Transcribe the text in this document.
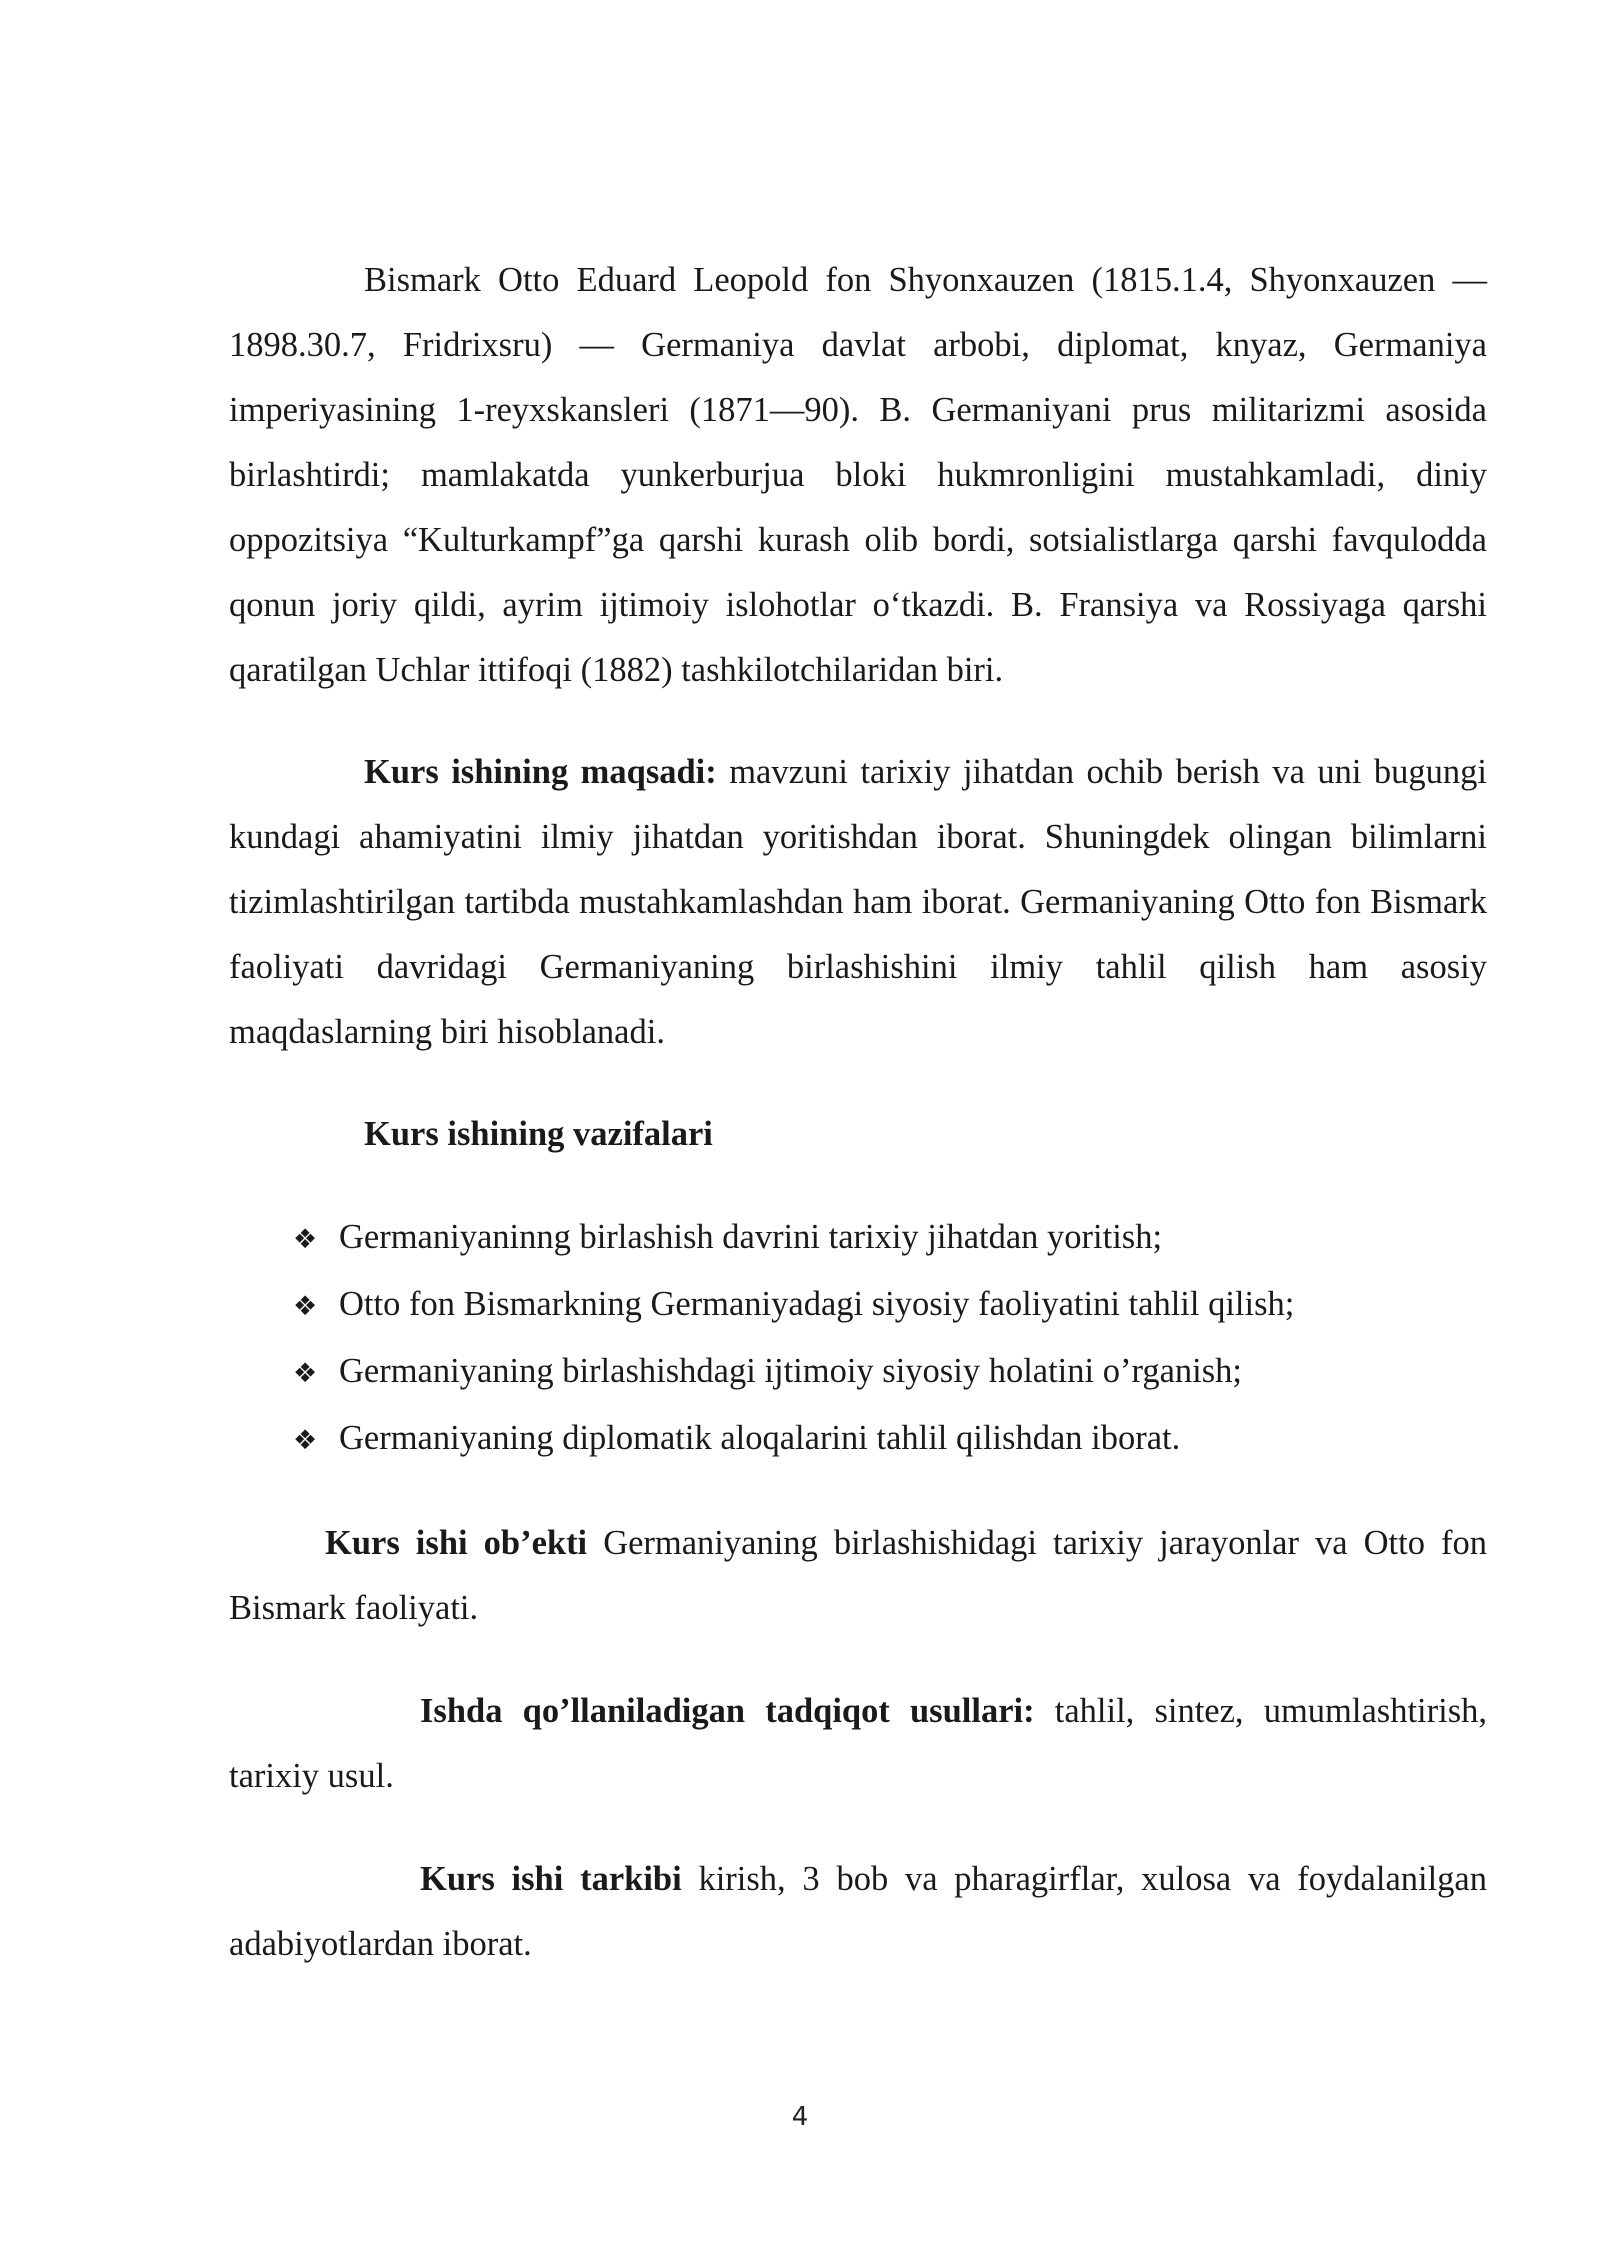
Bismark Otto Eduard Leopold fon Shyonxauzen (1815.1.4, Shyonxauzen —1898.30.7, Fridrixsru) — Germaniya davlat arbobi, diplomat, knyaz, Germaniya imperiyasining 1-reyxskansleri (1871—90). B. Germaniyani prus militarizmi asosida birlashtirdi; mamlakatda yunkerburjua bloki hukmronligini mustahkamladi, diniy oppozitsiya “Kulturkampf”ga qarshi kurash olib bordi, sotsialistlarga qarshi favqulodda qonun joriy qildi, ayrim ijtimoiy islohotlar o‘tkazdi. B. Fransiya va Rossiyaga qarshi qaratilgan Uchlar ittifoqi (1882) tashkilotchilaridan biri.

Kurs ishining maqsadi: mavzuni tarixiy jihatdan ochib berish va uni bugungi kundagi ahamiyatini ilmiy jihatdan yoritishdan iborat. Shuningdek olingan bilimlarni tizimlashtirilgan tartibda mustahkamlashdan ham iborat. Germaniyaning Otto fon Bismark faoliyati davridagi Germaniyaning birlashishini ilmiy tahlil qilish ham asosiy maqdaslarning biri hisoblanadi.

Kurs ishining vazifalari

❖ Germaniyaninng birlashish davrini tarixiy jihatdan yoritish;
❖ Otto fon Bismarkning Germaniyadagi siyosiy faoliyatini tahlil qilish;
❖ Germaniyaning birlashishdagi ijtimoiy siyosiy holatini o’rganish;
❖ Germaniyaning diplomatik aloqalarini tahlil qilishdan iborat.

Kurs ishi ob’ekti Germaniyaning birlashishidagi tarixiy jarayonlar va Otto fon Bismark faoliyati.

Ishda qo’llaniladigan tadqiqot usullari: tahlil, sintez, umumlashtirish, tarixiy usul.

Kurs ishi tarkibi kirish, 3 bob va pharagirflar, xulosa va foydalanilgan adabiyotlardan iborat.

4
